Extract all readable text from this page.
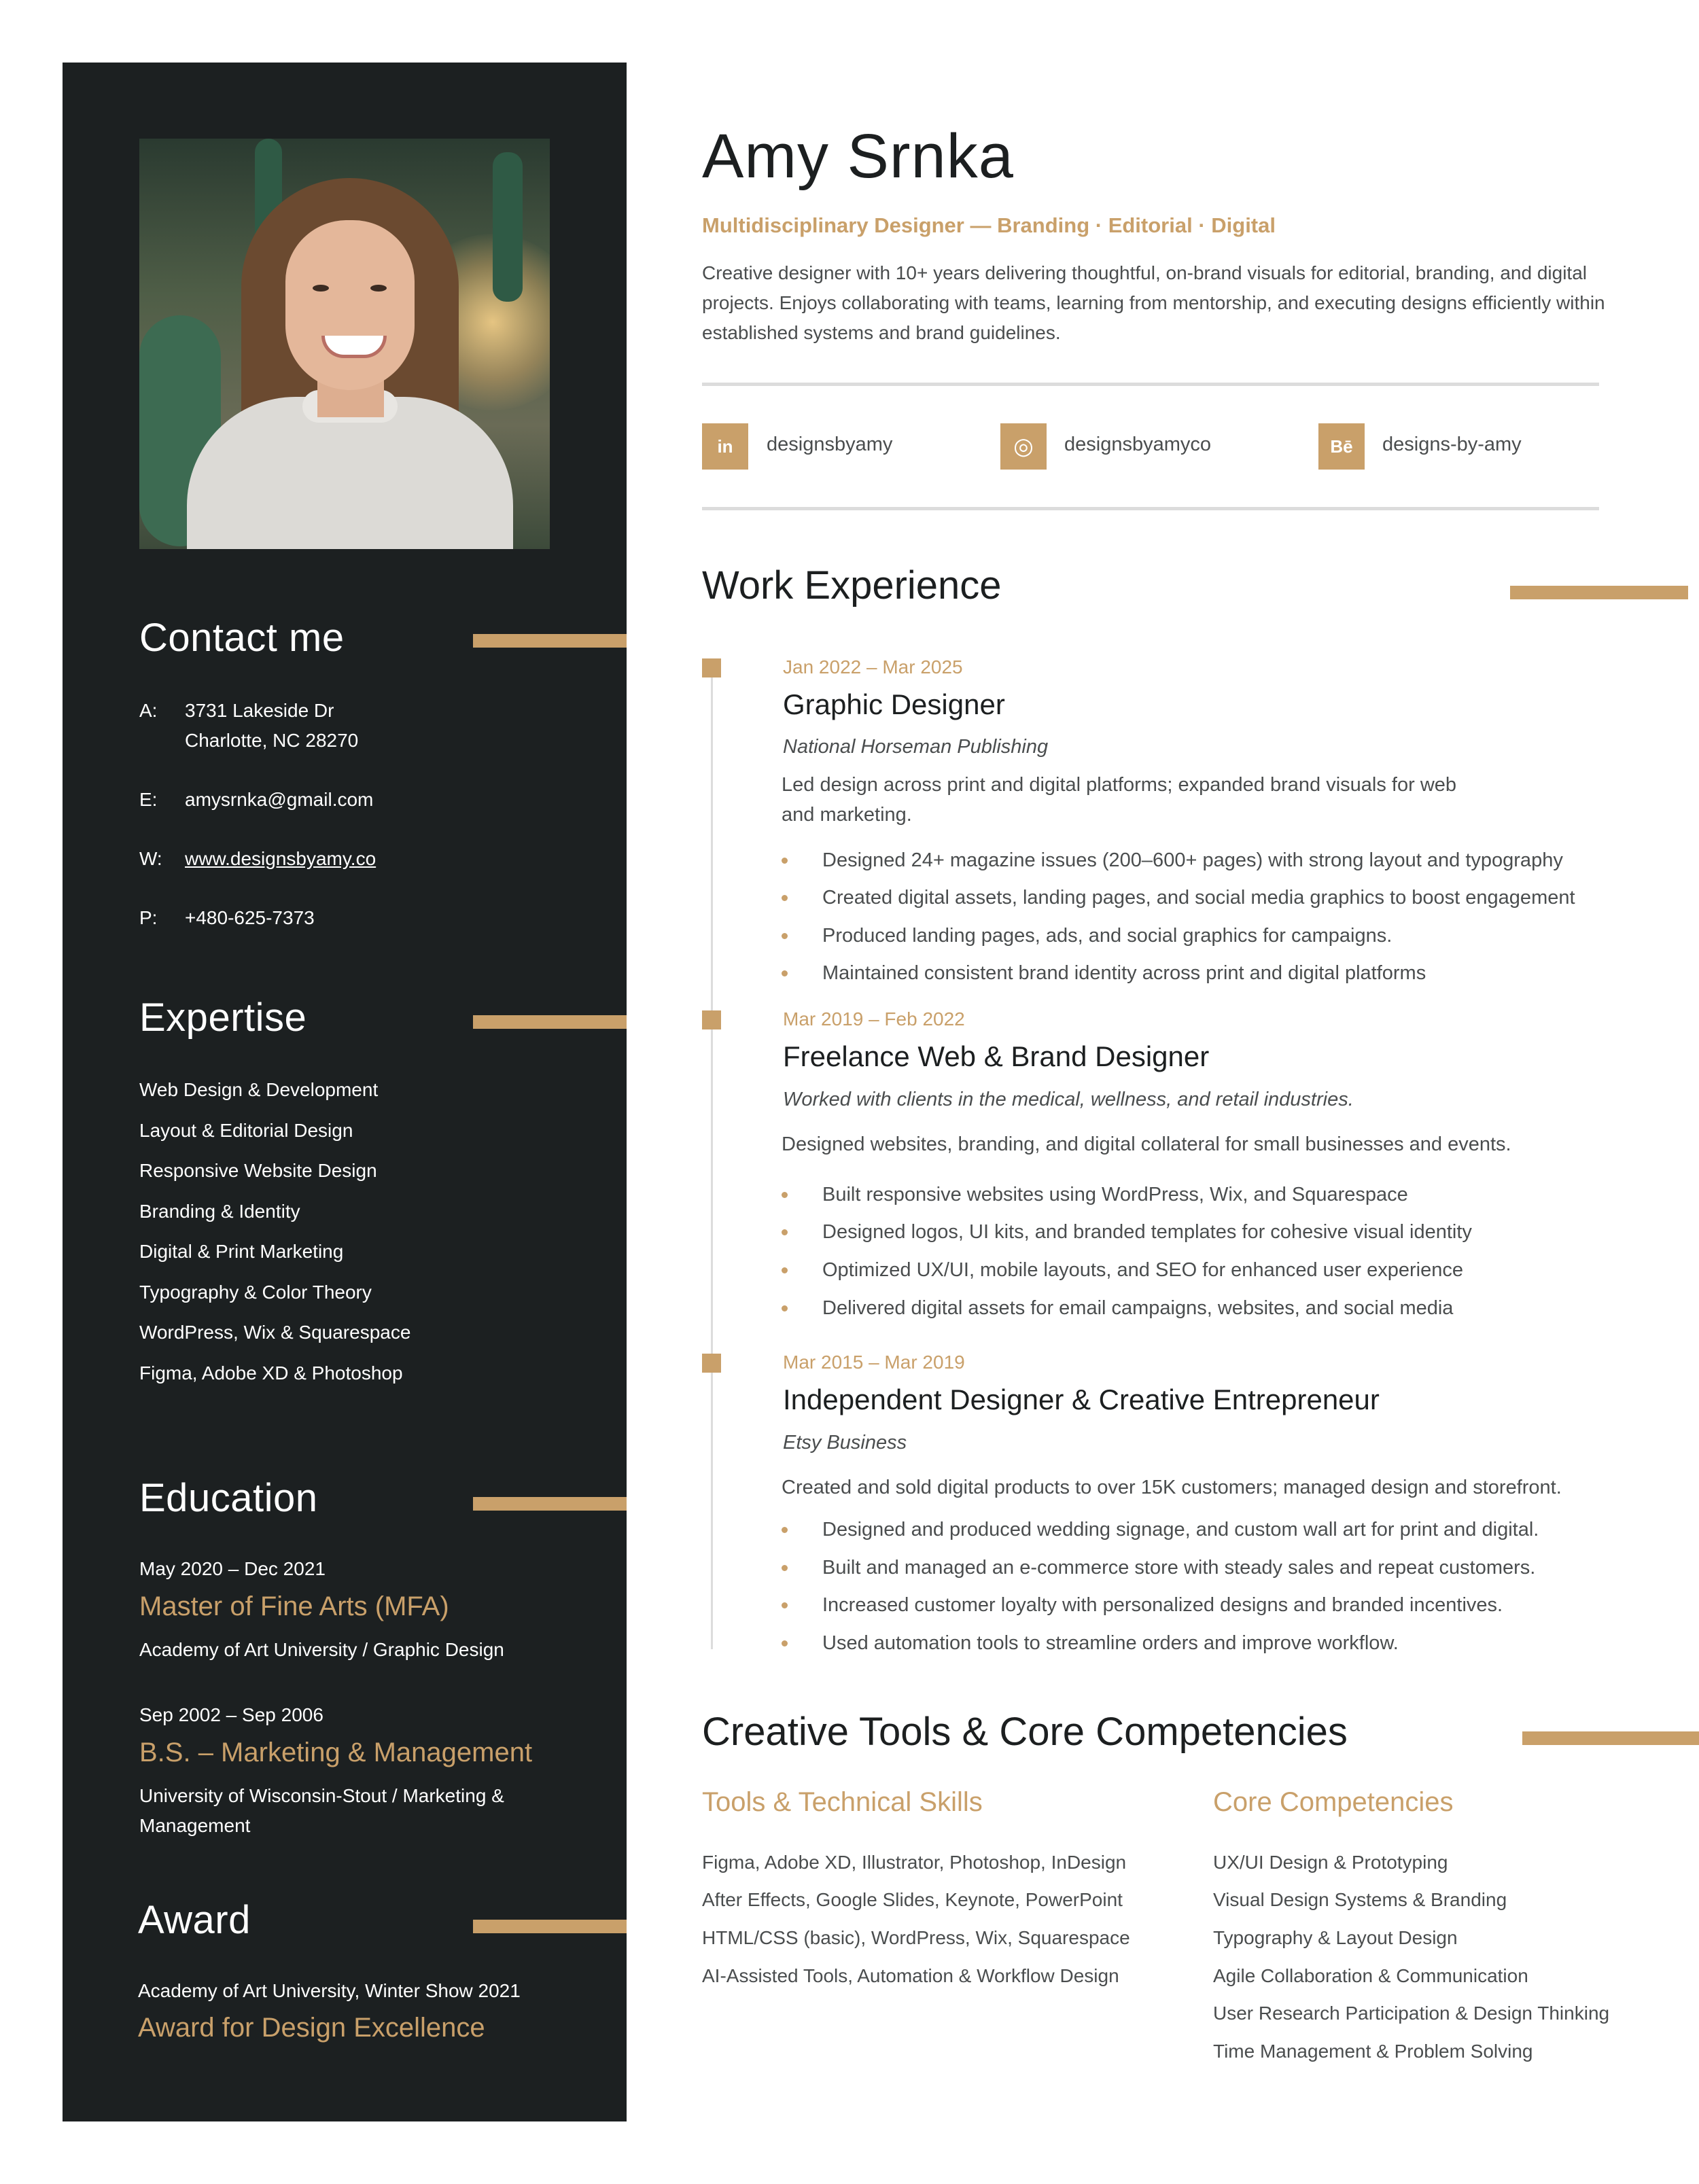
Contact me
A:	3731 Lakeside Dr
Charlotte, NC 28270
E:	amysrnka@gmail.com
W:	www.designsbyamy.co
P:	+480-625-7373
Expertise
Web Design & Development
Layout & Editorial Design
Responsive Website Design
Branding & Identity
Digital & Print Marketing
Typography & Color Theory
WordPress, Wix & Squarespace
Figma, Adobe XD & Photoshop
Education
May 2020 – Dec 2021
Master of Fine Arts (MFA)
Academy of Art University / Graphic Design
Sep 2002 – Sep 2006
B.S. – Marketing & Management
University of Wisconsin-Stout / Marketing & Management
Award
Academy of Art University, Winter Show 2021
Award for Design Excellence
Amy Srnka
Multidisciplinary Designer — Branding · Editorial · Digital
Creative designer with 10+ years delivering thoughtful, on-brand visuals for editorial, branding, and digital projects. Enjoys collaborating with teams, learning from mentorship, and executing designs efficiently within established systems and brand guidelines.
in	designsbyamy	◎	designsbyamyco	Bē	designs-by-amy
Work Experience
Jan 2022 – Mar 2025
Graphic Designer
National Horseman Publishing
Led design across print and digital platforms; expanded brand visuals for web and marketing.
Designed 24+ magazine issues (200–600+ pages) with strong layout and typography
Created digital assets, landing pages, and social media graphics to boost engagement
Produced landing pages, ads, and social graphics for campaigns.
Maintained consistent brand identity across print and digital platforms
Mar 2019 – Feb 2022
Freelance Web & Brand Designer
Worked with clients in the medical, wellness, and retail industries.
Designed websites, branding, and digital collateral for small businesses and events.
Built responsive websites using WordPress, Wix, and Squarespace
Designed logos, UI kits, and branded templates for cohesive visual identity
Optimized UX/UI, mobile layouts, and SEO for enhanced user experience
Delivered digital assets for email campaigns, websites, and social media
Mar 2015 – Mar 2019
Independent Designer & Creative Entrepreneur
Etsy Business
Created and sold digital products to over 15K customers; managed design and storefront.
Designed and produced wedding signage, and custom wall art for print and digital.
Built and managed an e-commerce store with steady sales and repeat customers.
Increased customer loyalty with personalized designs and branded incentives.
Used automation tools to streamline orders and improve workflow.
Creative Tools & Core Competencies
Tools & Technical Skills
Figma, Adobe XD, Illustrator, Photoshop, InDesign
After Effects, Google Slides, Keynote, PowerPoint
HTML/CSS (basic), WordPress, Wix, Squarespace
AI-Assisted Tools, Automation & Workflow Design
Core Competencies
UX/UI Design & Prototyping
Visual Design Systems & Branding
Typography & Layout Design
Agile Collaboration & Communication
User Research Participation & Design Thinking
Time Management & Problem Solving
